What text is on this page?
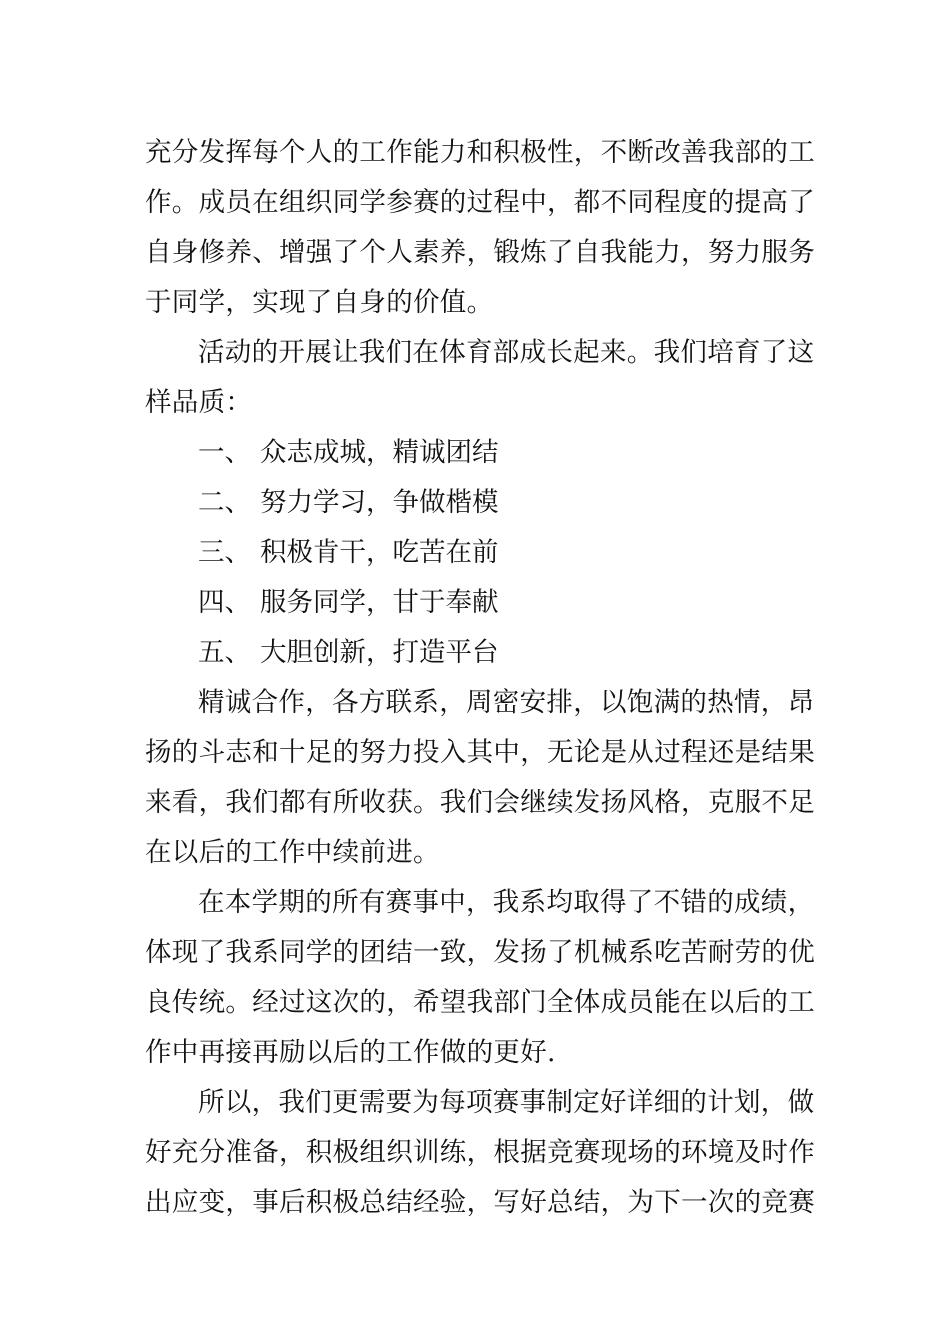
充分发挥每个人的工作能力和积极性，不断改善我部的工
作。成员在组织同学参赛的过程中，都不同程度的提高了
自身修养、增强了个人素养，锻炼了自我能力，努力服务
于同学，实现了自身的价值。
活动的开展让我们在体育部成长起来。我们培育了这
样品质：
一、 众志成城，精诚团结
二、 努力学习，争做楷模
三、 积极肯干，吃苦在前
四、 服务同学，甘于奉献
五、 大胆创新，打造平台
精诚合作，各方联系，周密安排，以饱满的热情，昂
扬的斗志和十足的努力投入其中，无论是从过程还是结果
来看，我们都有所收获。我们会继续发扬风格，克服不足
在以后的工作中续前进。
在本学期的所有赛事中，我系均取得了不错的成绩，
体现了我系同学的团结一致，发扬了机械系吃苦耐劳的优
良传统。经过这次的，希望我部门全体成员能在以后的工
作中再接再励以后的工作做的更好.
所以，我们更需要为每项赛事制定好详细的计划，做
好充分准备，积极组织训练，根据竞赛现场的环境及时作
出应变，事后积极总结经验，写好总结，为下一次的竞赛
